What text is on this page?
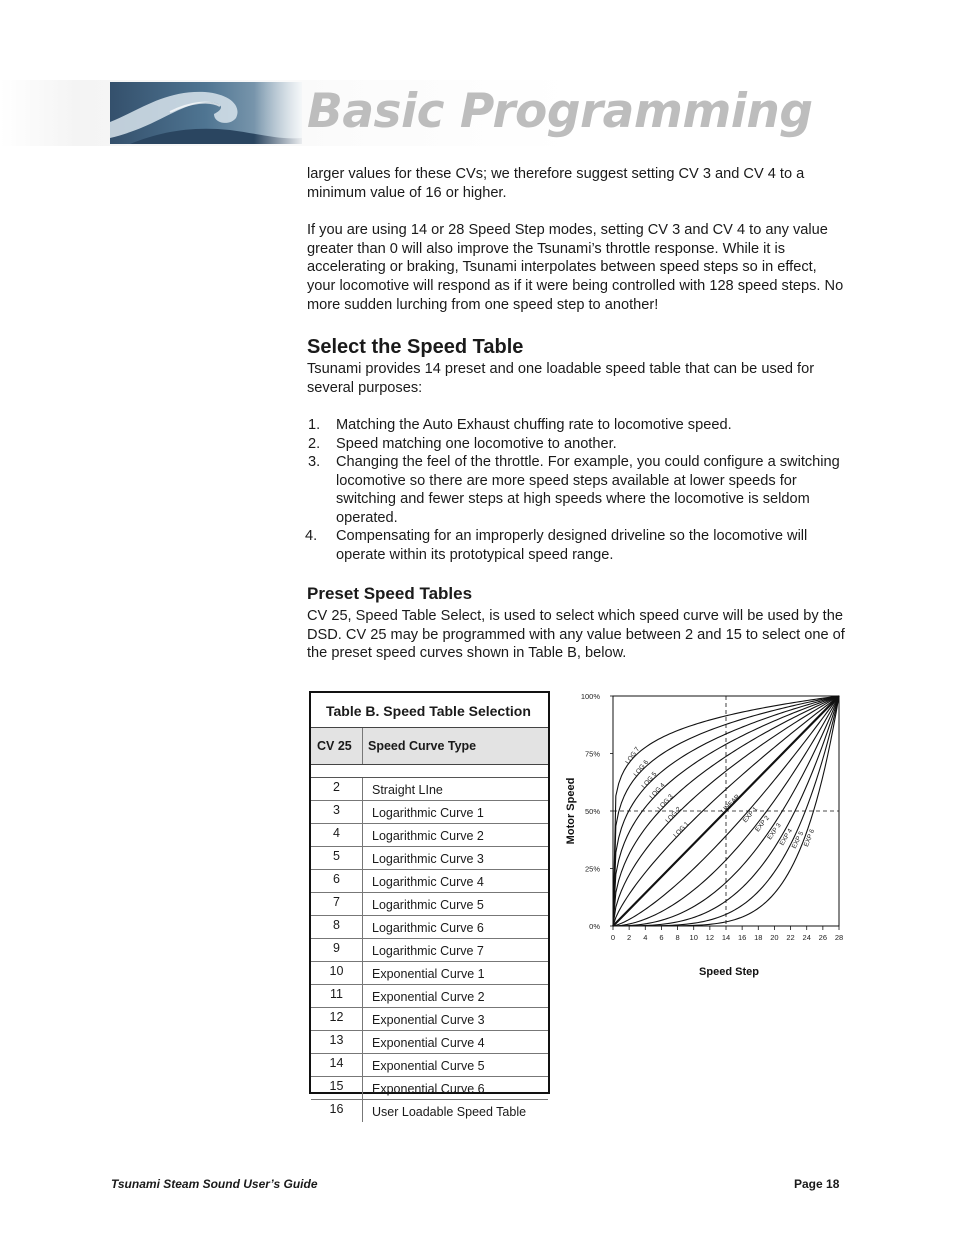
Basic Programming

larger values for these CVs; we therefore suggest setting CV 3 and CV 4 to a minimum value of 16 or higher.

If you are using 14 or 28 Speed Step modes, setting CV 3 and CV 4 to any value greater than 0 will also improve the Tsunami’s throttle response. While it is accelerating or braking, Tsunami interpolates between speed steps so in effect, your locomotive will respond as if it were being controlled with 128 speed steps. No more sudden lurching from one speed step to another!

Select the Speed Table

Tsunami provides 14 preset and one loadable speed table that can be used for several purposes:

1. Matching the Auto Exhaust chuffing rate to locomotive speed.
2. Speed matching one locomotive to another.
3. Changing the feel of the throttle. For example, you could configure a switching locomotive so there are more speed steps available at lower speeds for switching and fewer steps at high speeds where the locomotive is seldom operated.
4. Compensating for an improperly designed driveline so the locomotive will operate within its prototypical speed range.
Preset Speed Tables

CV 25, Speed Table Select, is used to select which speed curve will be used by the DSD. CV 25 may be programmed with any value between 2 and 15 to select one of the preset speed curves shown in Table B, below.

Table B. Speed Table Selection
CV 25	Speed Curve Type
2	Straight LIne
3	Logarithmic Curve 1
4	Logarithmic Curve 2
5	Logarithmic Curve 3
6	Logarithmic Curve 4
7	Logarithmic Curve 5
8	Logarithmic Curve 6
9	Logarithmic Curve 7
10	Exponential Curve 1
11	Exponential Curve 2
12	Exponential Curve 3
13	Exponential Curve 4
14	Exponential Curve 5
15	Exponential Curve 6
16	User Loadable Speed Table
0 2 4 6 8 10 12 14 16 18 20 22 24 26 28
0%
25%
50%
75%
100%
Speed Step
Motor Speed
LOG 7
LOG 6
LOG 5
LOG 4
LOG 3
LOG 2
LOG 1
LINEAR
EXP 1
EXP 2
EXP 3
EXP 4
EXP 5
EXP 6
Tsunami Steam Sound User’s Guide	Page 18
